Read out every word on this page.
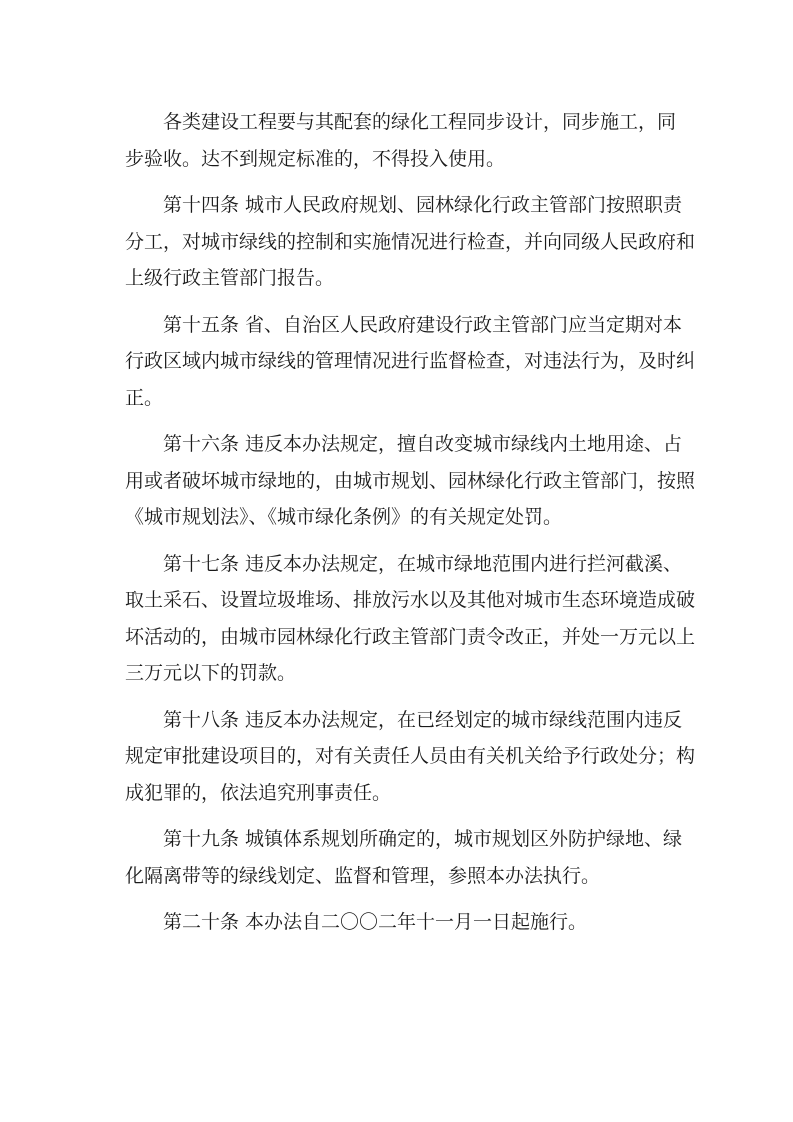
各类建设工程要与其配套的绿化工程同步设计，同步施工，同
步验收。达不到规定标准的，不得投入使用。
第十四条 城市人民政府规划、园林绿化行政主管部门按照职责
分工，对城市绿线的控制和实施情况进行检查，并向同级人民政府和
上级行政主管部门报告。
第十五条 省、自治区人民政府建设行政主管部门应当定期对本
行政区域内城市绿线的管理情况进行监督检查，对违法行为，及时纠
正。
第十六条 违反本办法规定，擅自改变城市绿线内土地用途、占
用或者破坏城市绿地的，由城市规划、园林绿化行政主管部门，按照
《城市规划法》、《城市绿化条例》的有关规定处罚。
第十七条 违反本办法规定，在城市绿地范围内进行拦河截溪、
取土采石、设置垃圾堆场、排放污水以及其他对城市生态环境造成破
坏活动的，由城市园林绿化行政主管部门责令改正，并处一万元以上
三万元以下的罚款。
第十八条 违反本办法规定，在已经划定的城市绿线范围内违反
规定审批建设项目的，对有关责任人员由有关机关给予行政处分；构
成犯罪的，依法追究刑事责任。
第十九条 城镇体系规划所确定的，城市规划区外防护绿地、绿
化隔离带等的绿线划定、监督和管理，参照本办法执行。
第二十条 本办法自二〇〇二年十一月一日起施行。
